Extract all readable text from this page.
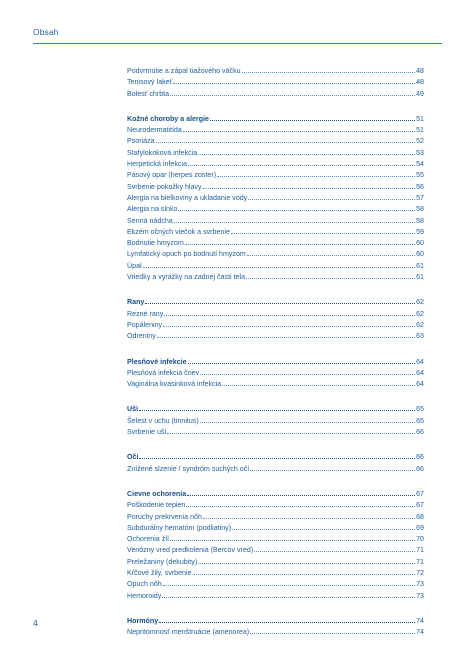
Obsah
Podvrtnutie a zápal tiažového väčku	48
Tenisový lakeť	48
Bolesť chrbta	49
Kožné choroby a alergie	51
Neurodermatitída	51
Psoriáza	52
Stafylokoková infekcia	53
Herpetická infekcia	54
Pásový opar (herpes zoster)	55
Svrbenie pokožky hlavy	56
Alergia na bielkoviny a ukladanie vody	57
Alergia na slnko	58
Senná nádcha	58
Ekzém očných viečok a svrbenie	59
Bodnutie hmyzom	60
Lymfatický opuch po bodnutí hmyzom	60
Úpal	61
Vriedky a vyrážky na zadnej časti tela	61
Rany	62
Rezné rany	62
Popáleniny	62
Odreniny	63
Plesňové infekcie	64
Plesňová infekcia čriev	64
Vaginálna kvasinková infekcia	64
Uši	65
Šelest v uchu (tinnitus)	65
Svrbenie uší	66
Oči	66
Znížené slzenie / syndróm suchých očí	66
Cievne ochorenia	67
Poškodenie tepien	67
Poruchy prekrvenia nôh	68
Subdurálny hematóm (podliatiny)	69
Ochorenia žíl	70
Venózny vred predkolenia (Bercov vred)	71
Preležaniny (dekubity)	71
Kŕčové žily, svrbenie	72
Opuch nôh	73
Hemoroidy	73
Hormóny	74
Nepritomnosť menštruácie (amenorea)	74
4
